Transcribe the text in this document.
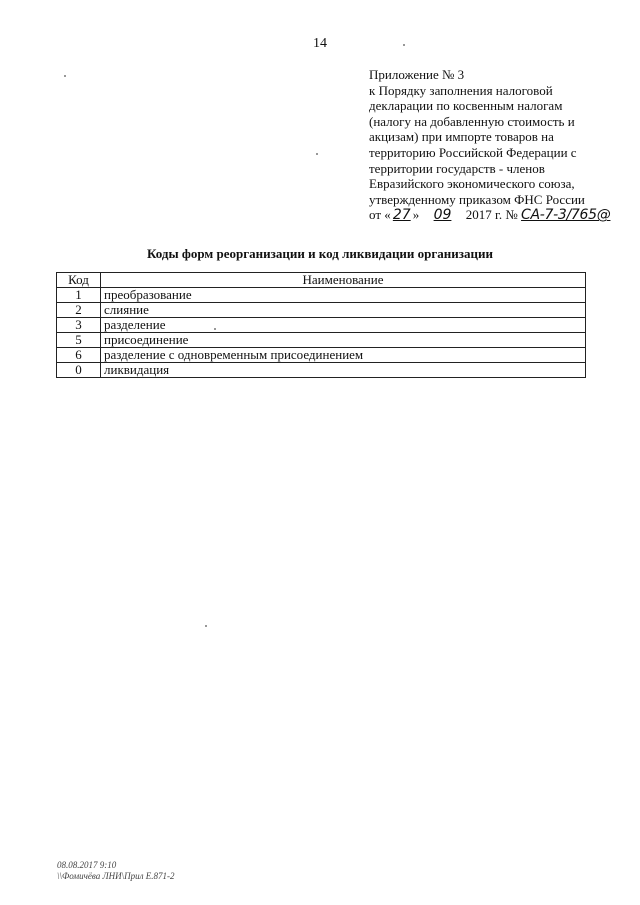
14
Приложение № 3
к Порядку заполнения налоговой
декларации по косвенным налогам
(налогу на добавленную стоимость и
акцизам) при импорте товаров на
территорию Российской Федерации с
территории государств - членов
Евразийского экономического союза,
утвержденному приказом ФНС России
от « 27 » 09 2017 г. № СА-7-3/765@
Коды форм реорганизации и код ликвидации организации
Код	Наименование
1	преобразование
2	слияние
3	разделение
5	присоединение
6	разделение с одновременным присоединением
0	ликвидация
08.08.2017 9:10
\\Фомичёва ЛНИ\Прил Е.871-2
